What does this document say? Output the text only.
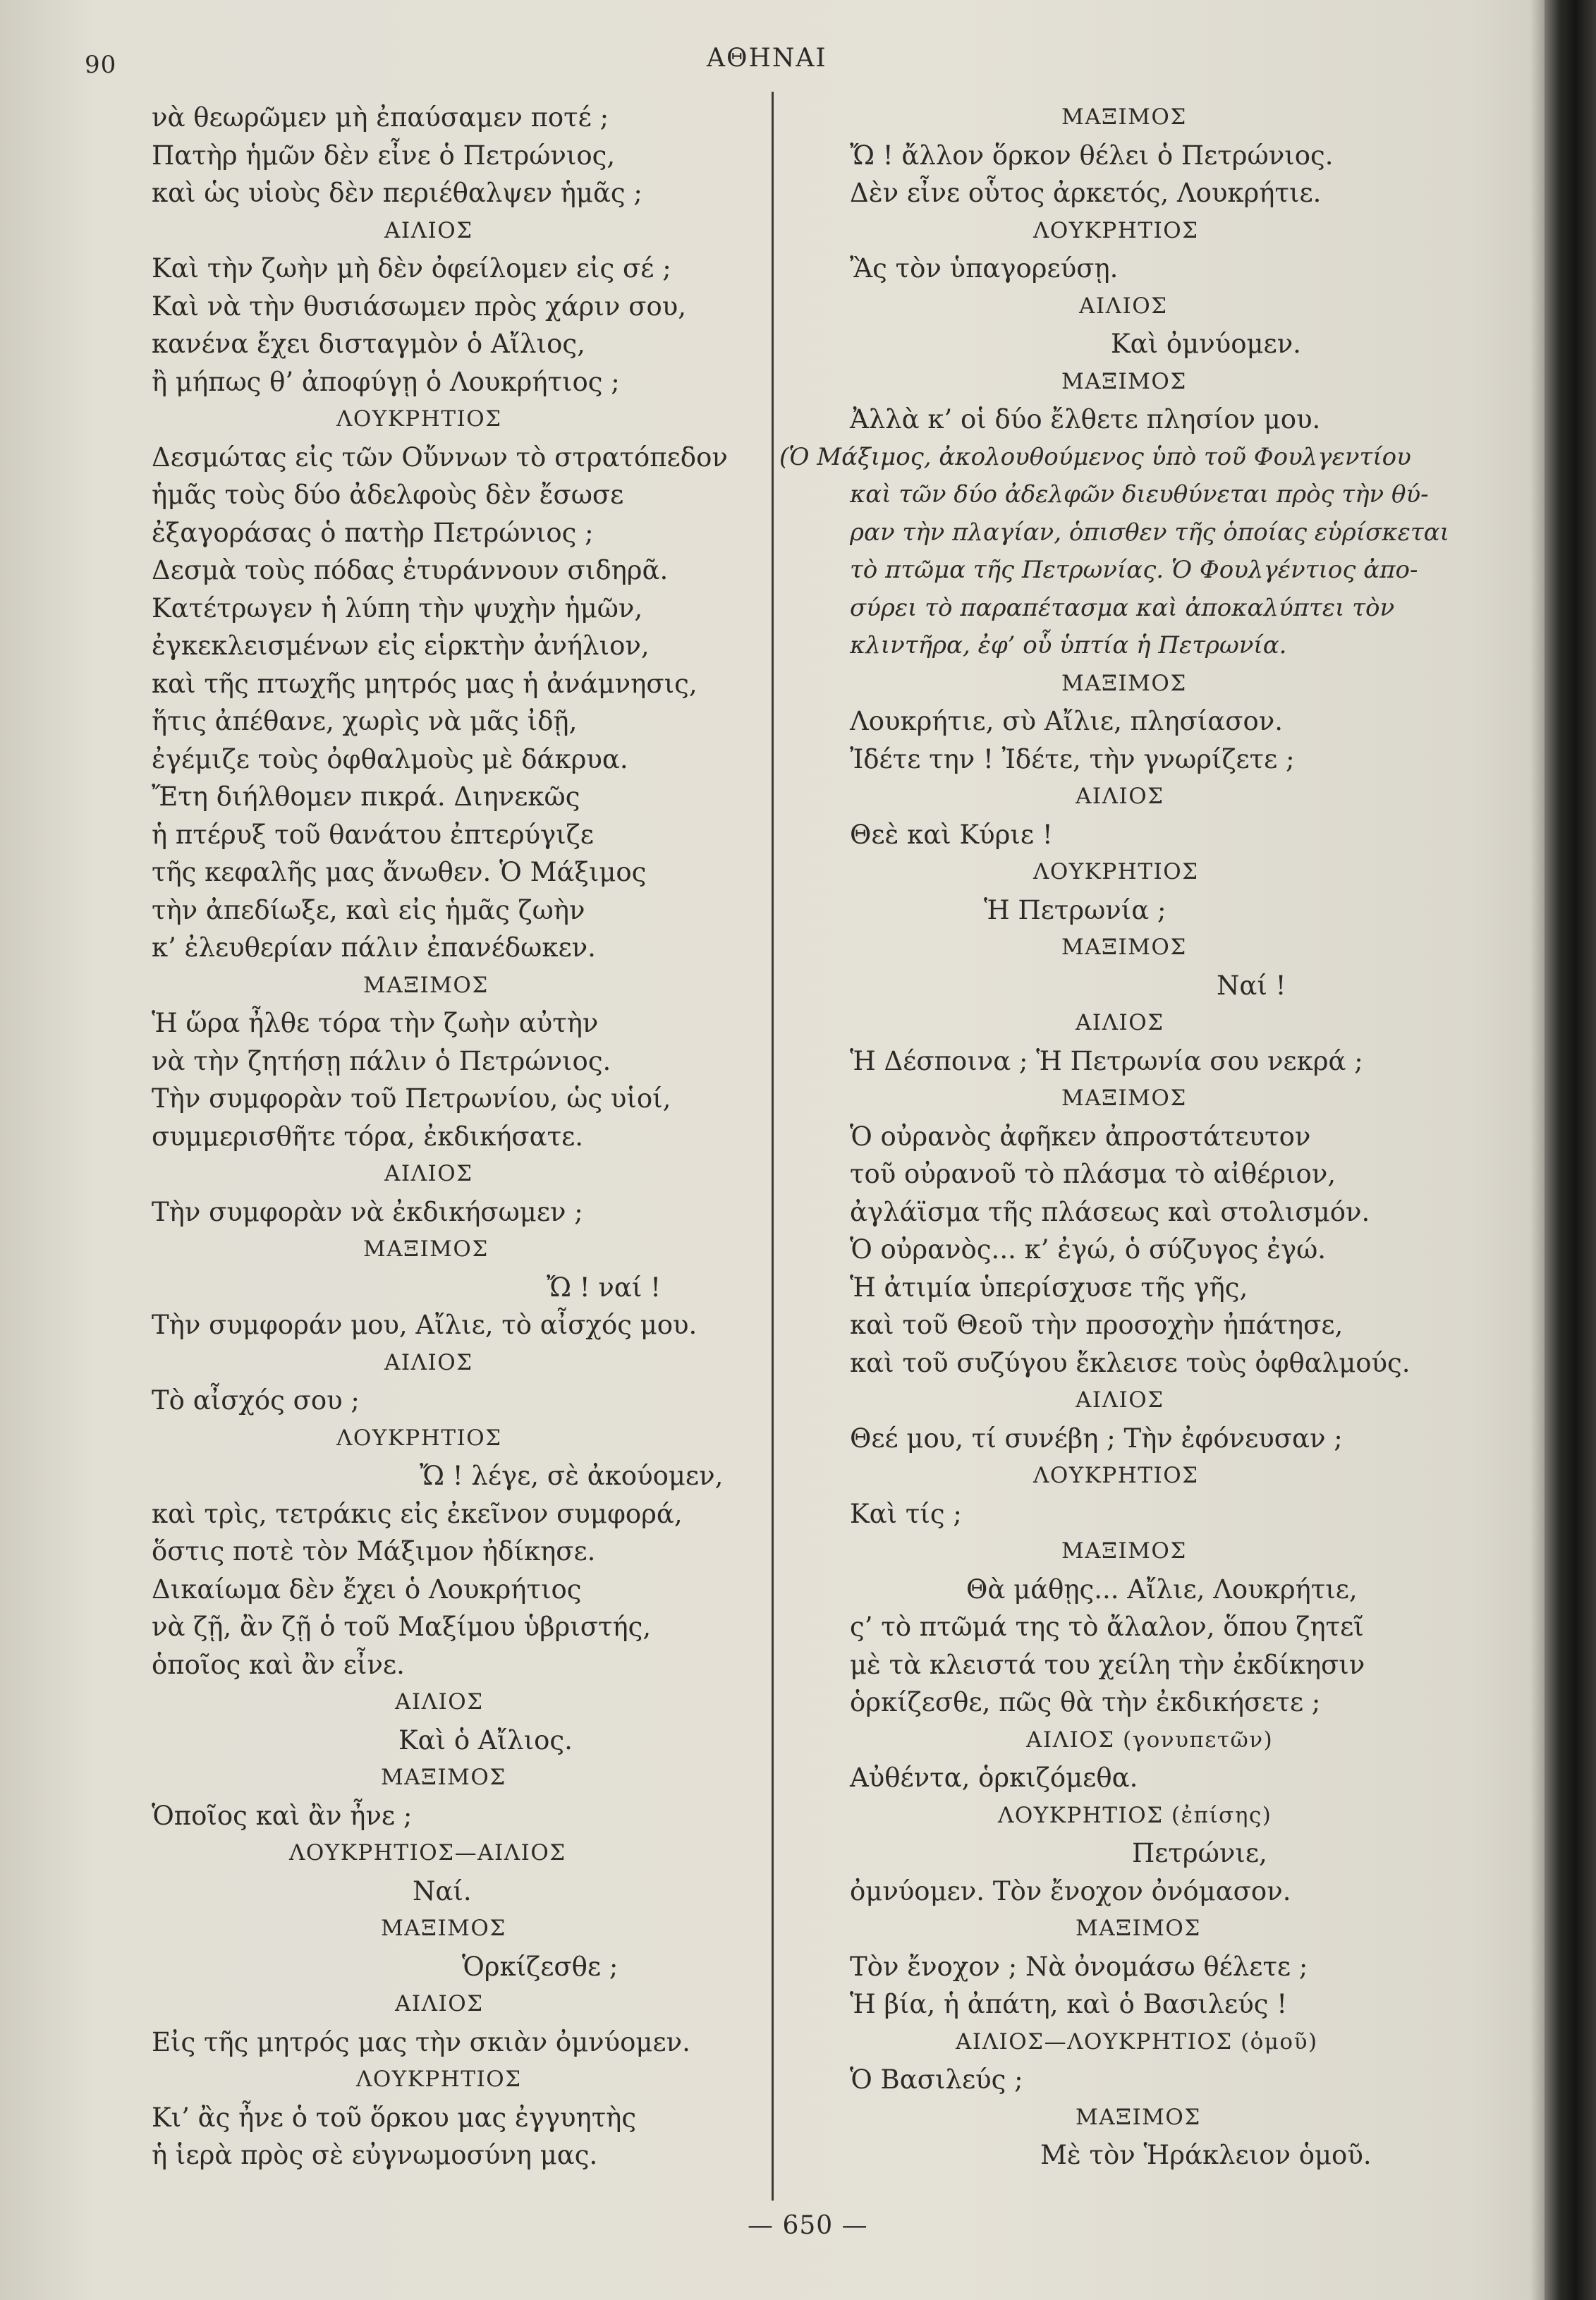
90	ΑΘΗΝΑΙ
νὰ θεωρῶμεν μὴ ἐπαύσαμεν ποτέ ;
Πατὴρ ἡμῶν δὲν εἶνε ὁ Πετρώνιος,
καὶ ὡς υἱοὺς δὲν περιέθαλψεν ἡμᾶς ;
ΑΙΛΙΟΣ
Καὶ τὴν ζωὴν μὴ δὲν ὀφείλομεν εἰς σέ ;
Καὶ νὰ τὴν θυσιάσωμεν πρὸς χάριν σου,
κανένα ἔχει δισταγμὸν ὁ Αἴλιος,
ἢ μήπως θ’ ἀποφύγῃ ὁ Λουκρήτιος ;
ΛΟΥΚΡΗΤΙΟΣ
Δεσμώτας εἰς τῶν Οὔννων τὸ στρατόπεδον
ἡμᾶς τοὺς δύο ἀδελφοὺς δὲν ἔσωσε
ἐξαγοράσας ὁ πατὴρ Πετρώνιος ;
Δεσμὰ τοὺς πόδας ἐτυράννουν σιδηρᾶ.
Κατέτρωγεν ἡ λύπη τὴν ψυχὴν ἡμῶν,
ἐγκεκλεισμένων εἰς εἱρκτὴν ἀνήλιον,
καὶ τῆς πτωχῆς μητρός μας ἡ ἀνάμνησις,
ἥτις ἀπέθανε, χωρὶς νὰ μᾶς ἰδῇ,
ἐγέμιζε τοὺς ὀφθαλμοὺς μὲ δάκρυα.
Ἔτη διήλθομεν πικρά. Διηνεκῶς
ἡ πτέρυξ τοῦ θανάτου ἐπτερύγιζε
τῆς κεφαλῆς μας ἄνωθεν. Ὁ Μάξιμος
τὴν ἀπεδίωξε, καὶ εἰς ἡμᾶς ζωὴν
κ’ ἐλευθερίαν πάλιν ἐπανέδωκεν.
ΜΑΞΙΜΟΣ
Ἡ ὥρα ἦλθε τόρα τὴν ζωὴν αὐτὴν
νὰ τὴν ζητήσῃ πάλιν ὁ Πετρώνιος.
Τὴν συμφορὰν τοῦ Πετρωνίου, ὡς υἱοί,
συμμερισθῆτε τόρα, ἐκδικήσατε.
ΑΙΛΙΟΣ
Τὴν συμφορὰν νὰ ἐκδικήσωμεν ;
ΜΑΞΙΜΟΣ
Ὤ ! ναί !
Τὴν συμφοράν μου, Αἴλιε, τὸ αἶσχός μου.
ΑΙΛΙΟΣ
Τὸ αἶσχός σου ;
ΛΟΥΚΡΗΤΙΟΣ
Ὤ ! λέγε, σὲ ἀκούομεν,
καὶ τρὶς, τετράκις εἰς ἐκεῖνον συμφορά,
ὅστις ποτὲ τὸν Μάξιμον ἠδίκησε.
Δικαίωμα δὲν ἔχει ὁ Λουκρήτιος
νὰ ζῇ, ἂν ζῇ ὁ τοῦ Μαξίμου ὑβριστής,
ὁποῖος καὶ ἂν εἶνε.
ΑΙΛΙΟΣ
Καὶ ὁ Αἴλιος.
ΜΑΞΙΜΟΣ
Ὁποῖος καὶ ἂν ἦνε ;
ΛΟΥΚΡΗΤΙΟΣ—ΑΙΛΙΟΣ
Ναί.
ΜΑΞΙΜΟΣ
Ὁρκίζεσθε ;
ΑΙΛΙΟΣ
Εἰς τῆς μητρός μας τὴν σκιὰν ὀμνύομεν.
ΛΟΥΚΡΗΤΙΟΣ
Κι’ ἂς ἦνε ὁ τοῦ ὅρκου μας ἐγγυητὴς
ἡ ἱερὰ πρὸς σὲ εὐγνωμοσύνη μας.
ΜΑΞΙΜΟΣ
Ὤ ! ἄλλον ὅρκον θέλει ὁ Πετρώνιος.
Δὲν εἶνε οὗτος ἀρκετός, Λουκρήτιε.
ΛΟΥΚΡΗΤΙΟΣ
Ἂς τὸν ὑπαγορεύσῃ.
ΑΙΛΙΟΣ
Καὶ ὀμνύομεν.
ΜΑΞΙΜΟΣ
Ἀλλὰ κ’ οἱ δύο ἔλθετε πλησίον μου.
(Ὁ Μάξιμος, ἀκολουθούμενος ὑπὸ τοῦ Φουλγεντίου
καὶ τῶν δύο ἀδελφῶν διευθύνεται πρὸς τὴν θύ-
ραν τὴν πλαγίαν, ὁπισθεν τῆς ὁποίας εὑρίσκεται
τὸ πτῶμα τῆς Πετρωνίας. Ὁ Φουλγέντιος ἀπο-
σύρει τὸ παραπέτασμα καὶ ἀποκαλύπτει τὸν
κλιντῆρα, ἐφ’ οὗ ὑπτία ἡ Πετρωνία.
ΜΑΞΙΜΟΣ
Λουκρήτιε, σὺ Αἴλιε, πλησίασον.
Ἰδέτε την ! Ἰδέτε, τὴν γνωρίζετε ;
ΑΙΛΙΟΣ
Θεὲ καὶ Κύριε !
ΛΟΥΚΡΗΤΙΟΣ
Ἡ Πετρωνία ;
ΜΑΞΙΜΟΣ
Ναί !
ΑΙΛΙΟΣ
Ἡ Δέσποινα ; Ἡ Πετρωνία σου νεκρά ;
ΜΑΞΙΜΟΣ
Ὁ οὐρανὸς ἀφῆκεν ἀπροστάτευτον
τοῦ οὐρανοῦ τὸ πλάσμα τὸ αἰθέριον,
ἀγλάϊσμα τῆς πλάσεως καὶ στολισμόν.
Ὁ οὐρανὸς... κ’ ἐγώ, ὁ σύζυγος ἐγώ.
Ἡ ἀτιμία ὑπερίσχυσε τῆς γῆς,
καὶ τοῦ Θεοῦ τὴν προσοχὴν ἠπάτησε,
καὶ τοῦ συζύγου ἔκλεισε τοὺς ὀφθαλμούς.
ΑΙΛΙΟΣ
Θεέ μου, τί συνέβη ; Τὴν ἐφόνευσαν ;
ΛΟΥΚΡΗΤΙΟΣ
Καὶ τίς ;
ΜΑΞΙΜΟΣ
Θὰ μάθῃς... Αἴλιε, Λουκρήτιε,
ς’ τὸ πτῶμά της τὸ ἄλαλον, ὅπου ζητεῖ
μὲ τὰ κλειστά του χείλη τὴν ἐκδίκησιν
ὁρκίζεσθε, πῶς θὰ τὴν ἐκδικήσετε ;
ΑΙΛΙΟΣ (γονυπετῶν)
Αὐθέντα, ὁρκιζόμεθα.
ΛΟΥΚΡΗΤΙΟΣ (ἐπίσης)
Πετρώνιε,
ὀμνύομεν. Τὸν ἔνοχον ὀνόμασον.
ΜΑΞΙΜΟΣ
Τὸν ἔνοχον ; Νὰ ὀνομάσω θέλετε ;
Ἡ βία, ἡ ἀπάτη, καὶ ὁ Βασιλεύς !
ΑΙΛΙΟΣ—ΛΟΥΚΡΗΤΙΟΣ (ὁμοῦ)
Ὁ Βασιλεύς ;
ΜΑΞΙΜΟΣ
Μὲ τὸν Ἡράκλειον ὁμοῦ.
— 650 —
